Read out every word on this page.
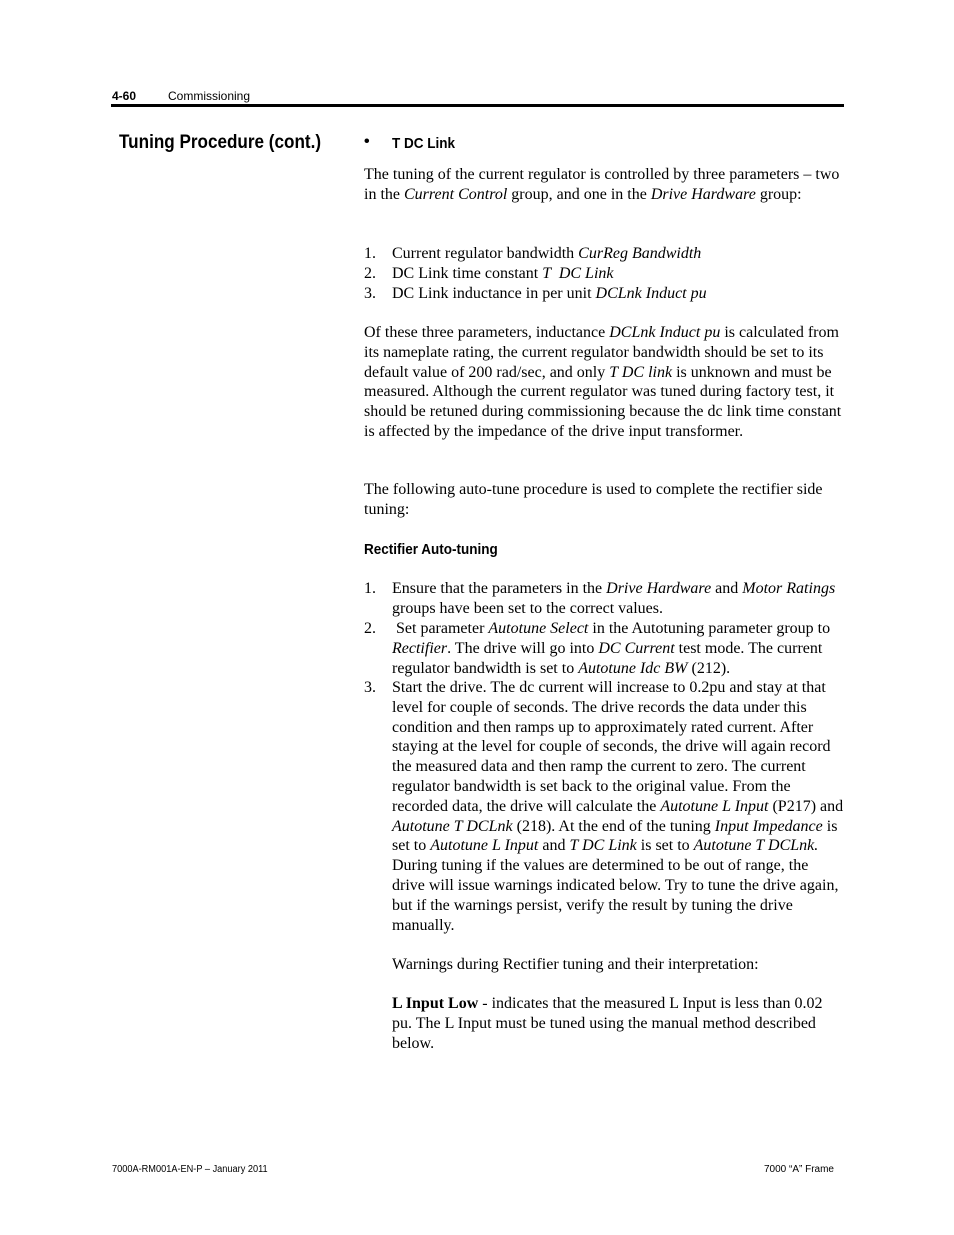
4-60	Commissioning
Tuning Procedure (cont.)	• T DC Link

The tuning of the current regulator is controlled by three parameters – two in the Current Control group, and one in the Drive Hardware group:

1. Current regulator bandwidth CurReg Bandwidth
2. DC Link time constant T  DC Link
3. DC Link inductance in per unit DCLnk Induct pu

Of these three parameters, inductance DCLnk Induct pu is calculated from its nameplate rating, the current regulator bandwidth should be set to its default value of 200 rad/sec, and only T DC link is unknown and must be measured. Although the current regulator was tuned during factory test, it should be retuned during commissioning because the dc link time constant is affected by the impedance of the drive input transformer.

The following auto-tune procedure is used to complete the rectifier side tuning:

Rectifier Auto-tuning
1. Ensure that the parameters in the Drive Hardware and Motor Ratings groups have been set to the correct values.
2. Set parameter Autotune Select in the Autotuning parameter group to Rectifier. The drive will go into DC Current test mode. The current regulator bandwidth is set to Autotune Idc BW (212).
3. Start the drive. The dc current will increase to 0.2pu and stay at that level for couple of seconds. The drive records the data under this condition and then ramps up to approximately rated current. After staying at the level for couple of seconds, the drive will again record the measured data and then ramp the current to zero. The current regulator bandwidth is set back to the original value. From the recorded data, the drive will calculate the Autotune L Input (P217) and Autotune T DCLnk (218). At the end of the tuning Input Impedance is set to Autotune L Input and T DC Link is set to Autotune T DCLnk. During tuning if the values are determined to be out of range, the drive will issue warnings indicated below. Try to tune the drive again, but if the warnings persist, verify the result by tuning the drive manually.

Warnings during Rectifier tuning and their interpretation:

L Input Low - indicates that the measured L Input is less than 0.02 pu. The L Input must be tuned using the manual method described below.

7000A-RM001A-EN-P – January 2011	7000 “A” Frame
